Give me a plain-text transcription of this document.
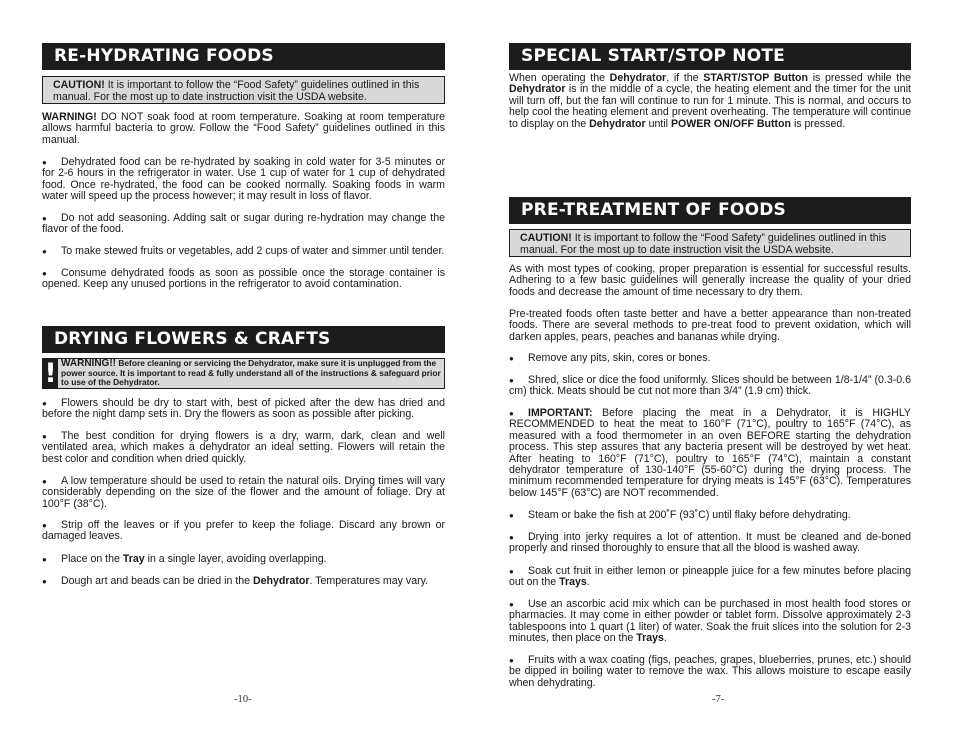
RE-HYDRATING FOODS
CAUTION! It is important to follow the “Food Safety” guidelines outlined in this manual. For the most up to date instruction visit the USDA website.
WARNING! DO NOT soak food at room temperature. Soaking at room temperature allows harmful bacteria to grow. Follow the “Food Safety” guidelines outlined in this manual.
● Dehydrated food can be re-hydrated by soaking in cold water for 3-5 minutes or for 2-6 hours in the refrigerator in water. Use 1 cup of water for 1 cup of dehydrated food. Once re-hydrated, the food can be cooked normally. Soaking foods in warm water will speed up the process however; it may result in loss of flavor.
● Do not add seasoning. Adding salt or sugar during re-hydration may change the flavor of the food.
● To make stewed fruits or vegetables, add 2 cups of water and simmer until tender.
● Consume dehydrated foods as soon as possible once the storage container is opened. Keep any unused portions in the refrigerator to avoid contamination.
DRYING FLOWERS & CRAFTS
! WARNING!! Before cleaning or servicing the Dehydrator, make sure it is unplugged from the power source. It is important to read & fully understand all of the instructions & safeguard prior to use of the Dehydrator.
● Flowers should be dry to start with, best of picked after the dew has dried and before the night damp sets in. Dry the flowers as soon as possible after picking.
● The best condition for drying flowers is a dry, warm, dark, clean and well ventilated area, which makes a dehydrator an ideal setting. Flowers will retain the best color and condition when dried quickly.
● A low temperature should be used to retain the natural oils. Drying times will vary considerably depending on the size of the flower and the amount of foliage. Dry at 100°F (38°C).
● Strip off the leaves or if you prefer to keep the foliage. Discard any brown or damaged leaves.
● Place on the Tray in a single layer, avoiding overlapping.
● Dough art and beads can be dried in the Dehydrator. Temperatures may vary.
-10-
SPECIAL START/STOP NOTE
When operating the Dehydrator, if the START/STOP Button is pressed while the Dehydrator is in the middle of a cycle, the heating element and the timer for the unit will turn off, but the fan will continue to run for 1 minute. This is normal, and occurs to help cool the heating element and prevent overheating. The temperature will continue to display on the Dehydrator until POWER ON/OFF Button is pressed.
PRE-TREATMENT OF FOODS
CAUTION! It is important to follow the “Food Safety” guidelines outlined in this manual. For the most up to date instruction visit the USDA website.
As with most types of cooking, proper preparation is essential for successful results. Adhering to a few basic guidelines will generally increase the quality of your dried foods and decrease the amount of time necessary to dry them.
Pre-treated foods often taste better and have a better appearance than non-treated foods. There are several methods to pre-treat food to prevent oxidation, which will darken apples, pears, peaches and bananas while drying.
● Remove any pits, skin, cores or bones.
● Shred, slice or dice the food uniformly. Slices should be between 1/8-1/4” (0.3-0.6 cm) thick. Meats should be cut not more than 3/4” (1.9 cm) thick.
● IMPORTANT: Before placing the meat in a Dehydrator, it is HIGHLY RECOMMENDED to heat the meat to 160°F (71°C), poultry to 165°F (74°C), as measured with a food thermometer in an oven BEFORE starting the dehydration process. This step assures that any bacteria present will be destroyed by wet heat. After heating to 160°F (71°C), poultry to 165°F (74°C), maintain a constant dehydrator temperature of 130-140°F (55-60°C) during the drying process. The minimum recommended temperature for drying meats is 145°F (63°C). Temperatures below 145°F (63°C) are NOT recommended.
● Steam or bake the fish at 200˚F (93˚C) until flaky before dehydrating.
● Drying into jerky requires a lot of attention. It must be cleaned and de-boned properly and rinsed thoroughly to ensure that all the blood is washed away.
● Soak cut fruit in either lemon or pineapple juice for a few minutes before placing out on the Trays.
● Use an ascorbic acid mix which can be purchased in most health food stores or pharmacies. It may come in either powder or tablet form. Dissolve approximately 2-3 tablespoons into 1 quart (1 liter) of water. Soak the fruit slices into the solution for 2-3 minutes, then place on the Trays.
● Fruits with a wax coating (figs, peaches, grapes, blueberries, prunes, etc.) should be dipped in boiling water to remove the wax. This allows moisture to escape easily when dehydrating.
-7-
